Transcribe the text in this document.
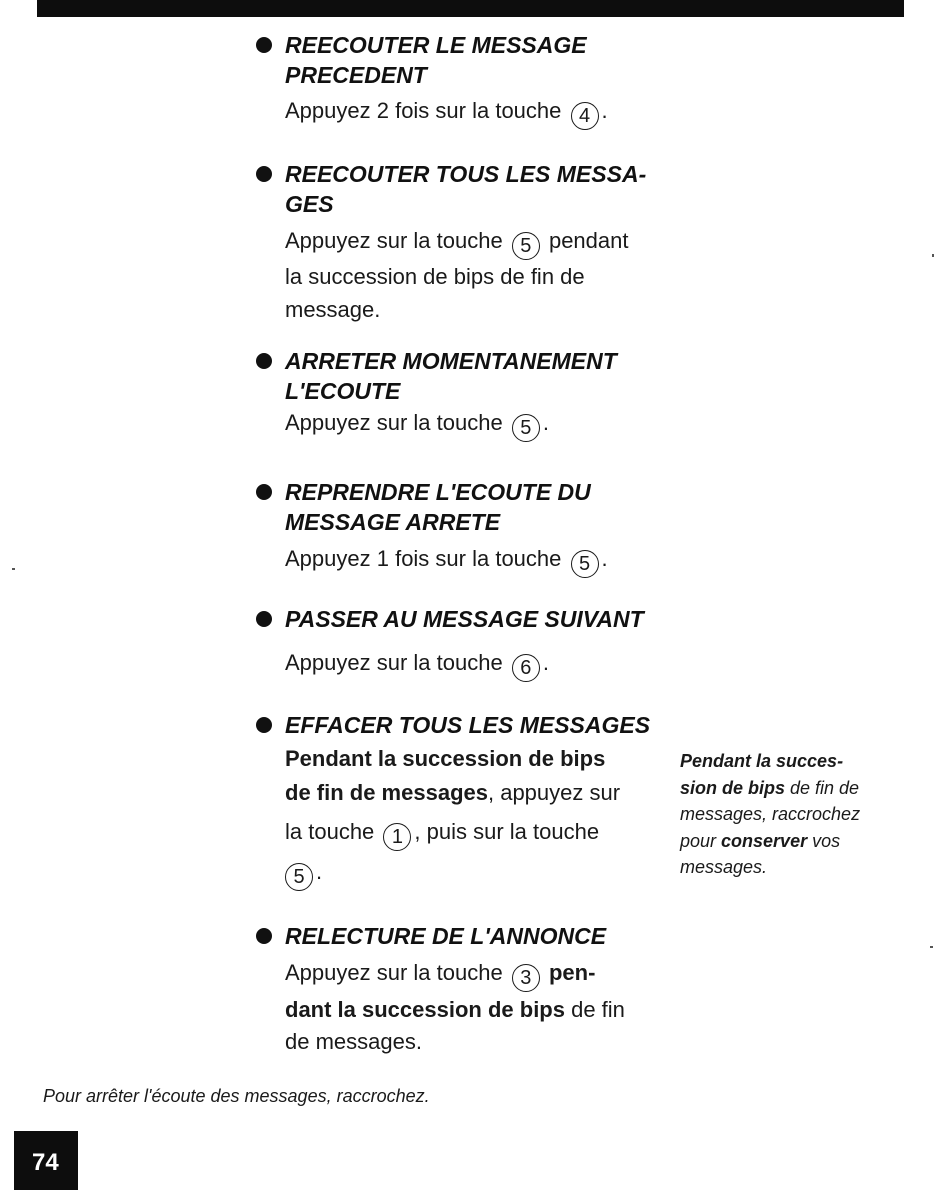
REECOUTER LE MESSAGE
PRECEDENT
Appuyez 2 fois sur la touche 4 .
REECOUTER TOUS LES MESSA-
GES
Appuyez sur la touche 5 pendant
la succession de bips de fin de
message.
ARRETER MOMENTANEMENT
L'ECOUTE
Appuyez sur la touche 5 .
REPRENDRE L'ECOUTE DU
MESSAGE ARRETE
Appuyez 1 fois sur la touche 5 .
PASSER AU MESSAGE SUIVANT
Appuyez sur la touche 6 .
EFFACER TOUS LES MESSAGES
Pendant la succession de bips
de fin de messages, appuyez sur
la touche 1 , puis sur la touche
5 .
RELECTURE DE L'ANNONCE
Appuyez sur la touche 3 pen-
dant la succession de bips de fin
de messages.
Pendant la succes-
sion de bips de fin de
messages, raccrochez
pour conserver vos
messages.
Pour arrêter l'écoute des messages, raccrochez.
74
